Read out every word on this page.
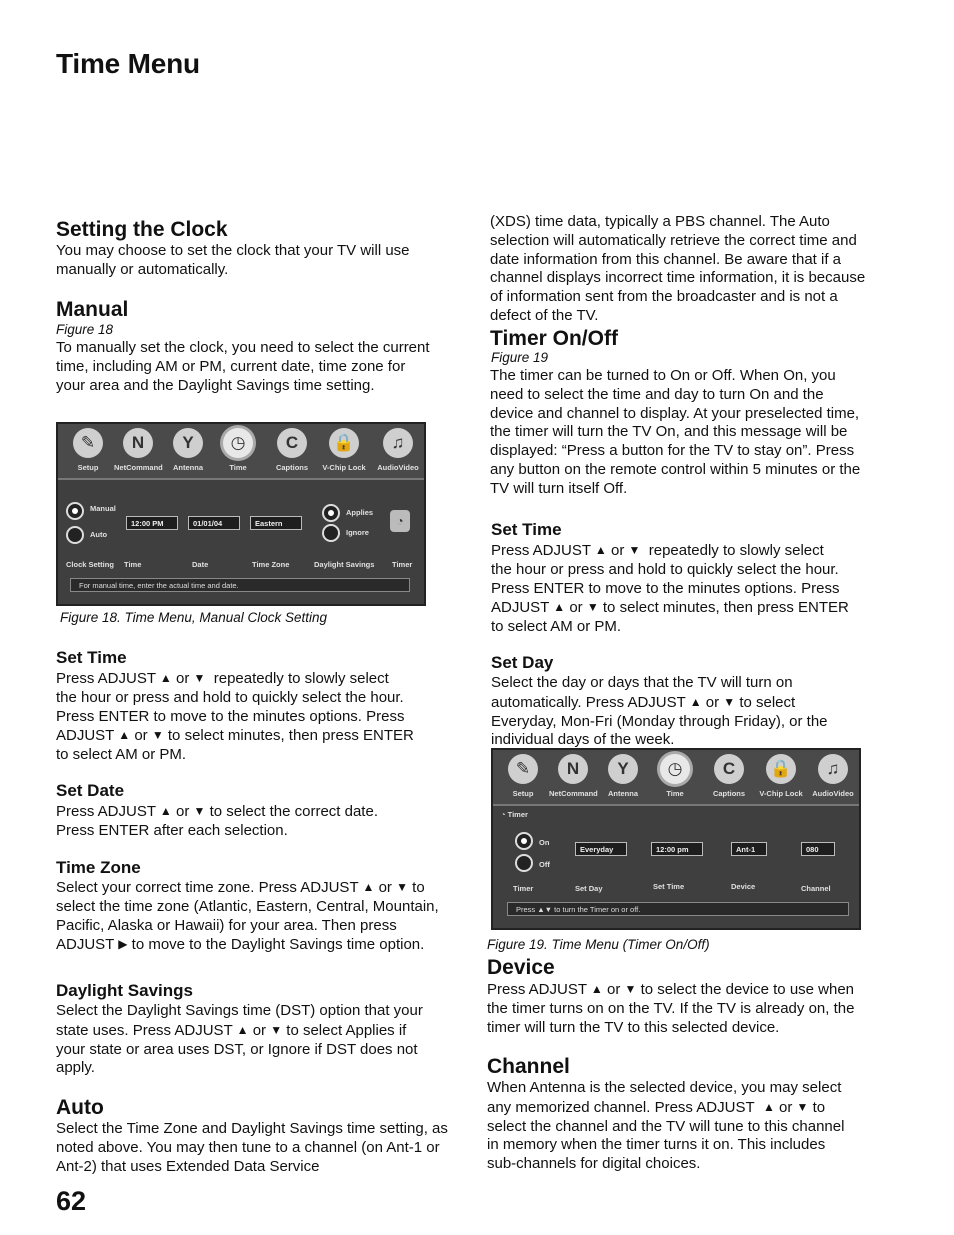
Time Menu
Setting the Clock

You may choose to set the clock that your TV will use manually or automatically.

Manual

Figure 18

To manually set the clock, you need to select the current time, including AM or PM, current date, time zone for your area and the Daylight Savings time setting.

✎
Setup
N
NetCommand
Y
Antenna
◷
Time
C
Captions
🔒
V-Chip Lock
♫
AudioVideo
Manual
Auto
12:00 PM	01/01/04	Eastern
Applies
Ignore
◔
Clock Setting Time	Date	Time Zone	Daylight Savings Timer
For manual time, enter the actual time and date.

Figure 18. Time Menu, Manual Clock Setting

Set Time
Press ADJUST ▲ or ▼ repeatedly to slowly select
the hour or press and hold to quickly select the hour.
Press ENTER to move to the minutes options. Press
ADJUST ▲ or ▼ to select minutes, then press ENTER
to select AM or PM.
Set Date
Press ADJUST ▲ or ▼ to select the correct date.
Press ENTER after each selection.
Time Zone
Select your correct time zone. Press ADJUST ▲ or ▼ to
select the time zone (Atlantic, Eastern, Central, Mountain,
Pacific, Alaska or Hawaii) for your area. Then press
ADJUST ▶ to move to the Daylight Savings time option.
Daylight Savings
Select the Daylight Savings time (DST) option that your
state uses. Press ADJUST ▲ or ▼ to select Applies if
your state or area uses DST, or Ignore if DST does not
apply.
Auto

Select the Time Zone and Daylight Savings time setting, as noted above. You may then tune to a channel (on Ant-1 or Ant-2) that uses Extended Data Service

62

(XDS) time data, typically a PBS channel. The Auto selection will automatically retrieve the correct time and date information from this channel. Be aware that if a channel displays incorrect time information, it is because of information sent from the broadcaster and is not a defect of the TV.

Timer On/Off

Figure 19

The timer can be turned to On or Off. When On, you need to select the time and day to turn On and the device and channel to display. At your preselected time, the timer will turn the TV On, and this message will be displayed: “Press a button for the TV to stay on”. Press any button on the remote control within 5 minutes or the TV will turn itself Off.

Set Time
Press ADJUST ▲ or ▼ repeatedly to slowly select
the hour or press and hold to quickly select the hour.
Press ENTER to move to the minutes options. Press
ADJUST ▲ or ▼ to select minutes, then press ENTER
to select AM or PM.
Set Day
Select the day or days that the TV will turn on
automatically. Press ADJUST ▲ or ▼ to select
Everyday, Mon-Fri (Monday through Friday), or the
individual days of the week.
✎
Setup
N
NetCommand
Y
Antenna
◷
Time
C
Captions
🔒
V-Chip Lock
♫
AudioVideo
◔ Timer
On
Off
Everyday	12:00 pm	Ant-1	080
Timer	Set Day	Set Time	Device	Channel
Press ▲▼ to turn the Timer on or off.

Figure 19. Time Menu (Timer On/Off)

Device
Press ADJUST ▲ or ▼ to select the device to use when
the timer turns on on the TV. If the TV is already on, the
timer will turn the TV to this selected device.
Channel
When Antenna is the selected device, you may select
any memorized channel. Press ADJUST ▲ or ▼ to
select the channel and the TV will tune to this channel
in memory when the timer turns it on. This includes
sub-channels for digital choices.
